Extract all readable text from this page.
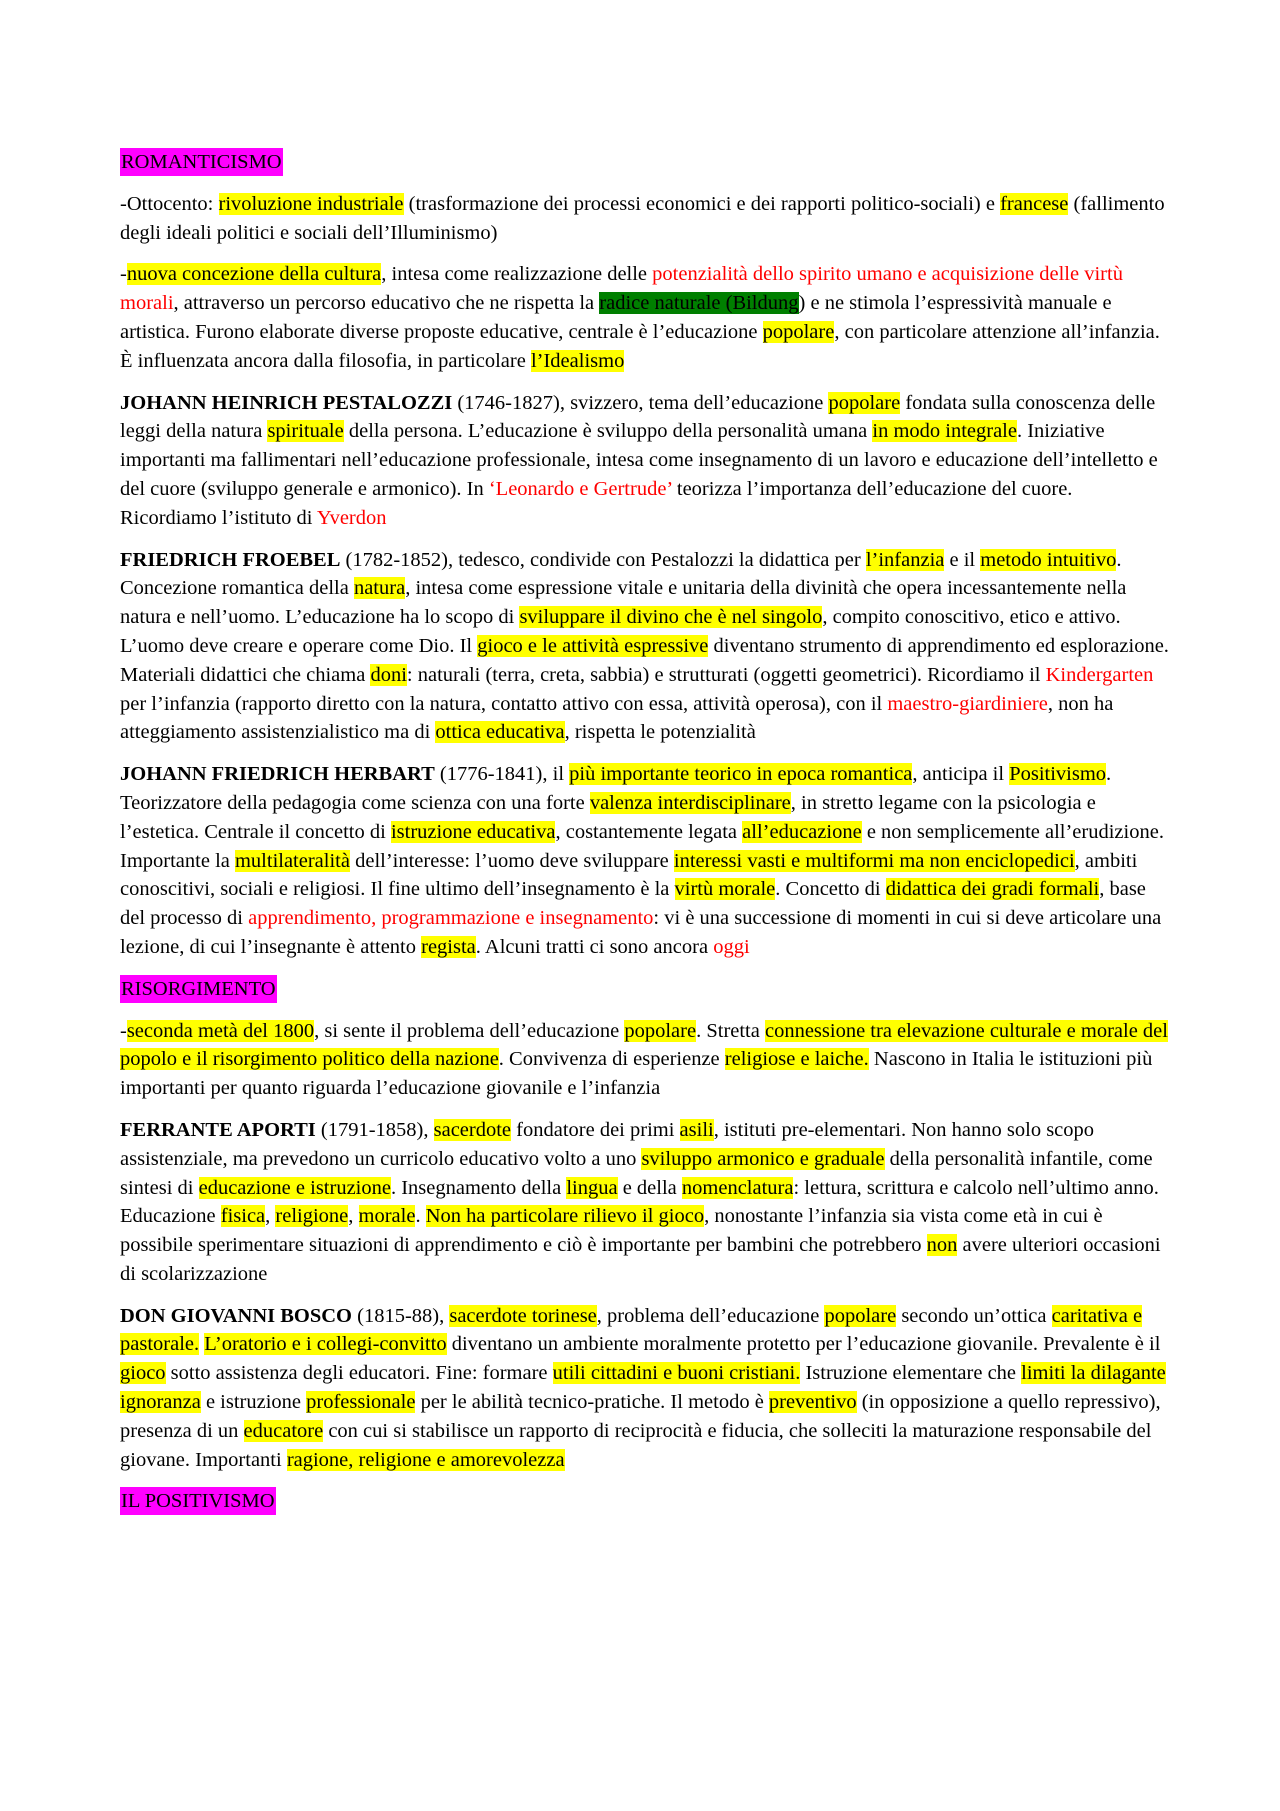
ROMANTICISMO

-Ottocento: rivoluzione industriale (trasformazione dei processi economici e dei rapporti politico-sociali) e francese (fallimento degli ideali politici e sociali dell’Illuminismo)

-nuova concezione della cultura, intesa come realizzazione delle potenzialità dello spirito umano e acquisizione delle virtù morali, attraverso un percorso educativo che ne rispetta la radice naturale (Bildung) e ne stimola l’espressività manuale e artistica. Furono elaborate diverse proposte educative, centrale è l’educazione popolare, con particolare attenzione all’infanzia. È influenzata ancora dalla filosofia, in particolare l’Idealismo

JOHANN HEINRICH PESTALOZZI (1746-1827), svizzero, tema dell’educazione popolare fondata sulla conoscenza delle leggi della natura spirituale della persona. L’educazione è sviluppo della personalità umana in modo integrale. Iniziative importanti ma fallimentari nell’educazione professionale, intesa come insegnamento di un lavoro e educazione dell’intelletto e del cuore (sviluppo generale e armonico). In ‘Leonardo e Gertrude’ teorizza l’importanza dell’educazione del cuore. Ricordiamo l’istituto di Yverdon

FRIEDRICH FROEBEL (1782-1852), tedesco, condivide con Pestalozzi la didattica per l’infanzia e il metodo intuitivo. Concezione romantica della natura, intesa come espressione vitale e unitaria della divinità che opera incessantemente nella natura e nell’uomo. L’educazione ha lo scopo di sviluppare il divino che è nel singolo, compito conoscitivo, etico e attivo. L’uomo deve creare e operare come Dio. Il gioco e le attività espressive diventano strumento di apprendimento ed esplorazione. Materiali didattici che chiama doni: naturali (terra, creta, sabbia) e strutturati (oggetti geometrici). Ricordiamo il Kindergarten per l’infanzia (rapporto diretto con la natura, contatto attivo con essa, attività operosa), con il maestro-giardiniere, non ha atteggiamento assistenzialistico ma di ottica educativa, rispetta le potenzialità

JOHANN FRIEDRICH HERBART (1776-1841), il più importante teorico in epoca romantica, anticipa il Positivismo. Teorizzatore della pedagogia come scienza con una forte valenza interdisciplinare, in stretto legame con la psicologia e l’estetica. Centrale il concetto di istruzione educativa, costantemente legata all’educazione e non semplicemente all’erudizione. Importante la multilateralità dell’interesse: l’uomo deve sviluppare interessi vasti e multiformi ma non enciclopedici, ambiti conoscitivi, sociali e religiosi. Il fine ultimo dell’insegnamento è la virtù morale. Concetto di didattica dei gradi formali, base del processo di apprendimento, programmazione e insegnamento: vi è una successione di momenti in cui si deve articolare una lezione, di cui l’insegnante è attento regista. Alcuni tratti ci sono ancora oggi

RISORGIMENTO

-seconda metà del 1800, si sente il problema dell’educazione popolare. Stretta connessione tra elevazione culturale e morale del popolo e il risorgimento politico della nazione. Convivenza di esperienze religiose e laiche. Nascono in Italia le istituzioni più importanti per quanto riguarda l’educazione giovanile e l’infanzia

FERRANTE APORTI (1791-1858), sacerdote fondatore dei primi asili, istituti pre-elementari. Non hanno solo scopo assistenziale, ma prevedono un curricolo educativo volto a uno sviluppo armonico e graduale della personalità infantile, come sintesi di educazione e istruzione. Insegnamento della lingua e della nomenclatura: lettura, scrittura e calcolo nell’ultimo anno. Educazione fisica, religione, morale. Non ha particolare rilievo il gioco, nonostante l’infanzia sia vista come età in cui è possibile sperimentare situazioni di apprendimento e ciò è importante per bambini che potrebbero non avere ulteriori occasioni di scolarizzazione

DON GIOVANNI BOSCO (1815-88), sacerdote torinese, problema dell’educazione popolare secondo un’ottica caritativa e pastorale. L’oratorio e i collegi-convitto diventano un ambiente moralmente protetto per l’educazione giovanile. Prevalente è il gioco sotto assistenza degli educatori. Fine: formare utili cittadini e buoni cristiani. Istruzione elementare che limiti la dilagante ignoranza e istruzione professionale per le abilità tecnico-pratiche. Il metodo è preventivo (in opposizione a quello repressivo), presenza di un educatore con cui si stabilisce un rapporto di reciprocità e fiducia, che solleciti la maturazione responsabile del giovane. Importanti ragione, religione e amorevolezza

IL POSITIVISMO
